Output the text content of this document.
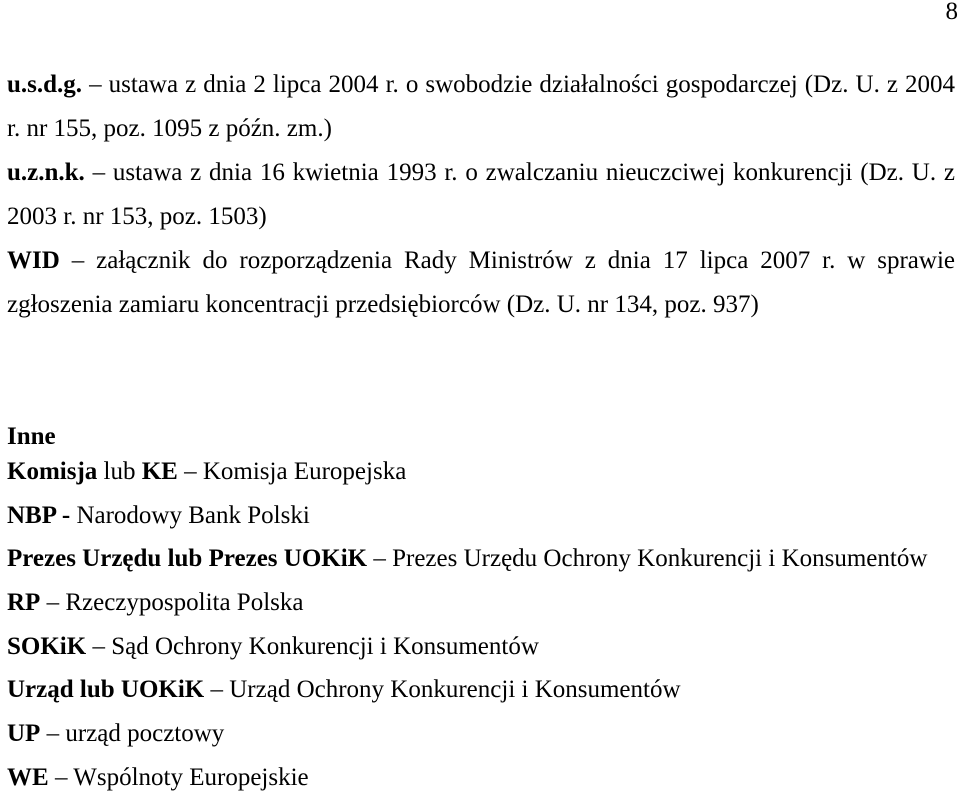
8

u.s.d.g. – ustawa z dnia 2 lipca 2004 r. o swobodzie działalności gospodarczej (Dz. U. z 2004 r. nr 155, poz. 1095 z późn. zm.)

u.z.n.k. – ustawa z dnia 16 kwietnia 1993 r. o zwalczaniu nieuczciwej konkurencji (Dz. U. z 2003 r. nr 153, poz. 1503)

WID – załącznik do rozporządzenia Rady Ministrów z dnia 17 lipca 2007 r. w sprawie zgłoszenia zamiaru koncentracji przedsiębiorców (Dz. U. nr 134, poz. 937)

Inne
Komisja lub KE – Komisja Europejska
NBP - Narodowy Bank Polski
Prezes Urzędu lub Prezes UOKiK – Prezes Urzędu Ochrony Konkurencji i Konsumentów
RP – Rzeczypospolita Polska
SOKiK – Sąd Ochrony Konkurencji i Konsumentów
Urząd lub UOKiK – Urząd Ochrony Konkurencji i Konsumentów
UP – urząd pocztowy
WE – Wspólnoty Europejskie
